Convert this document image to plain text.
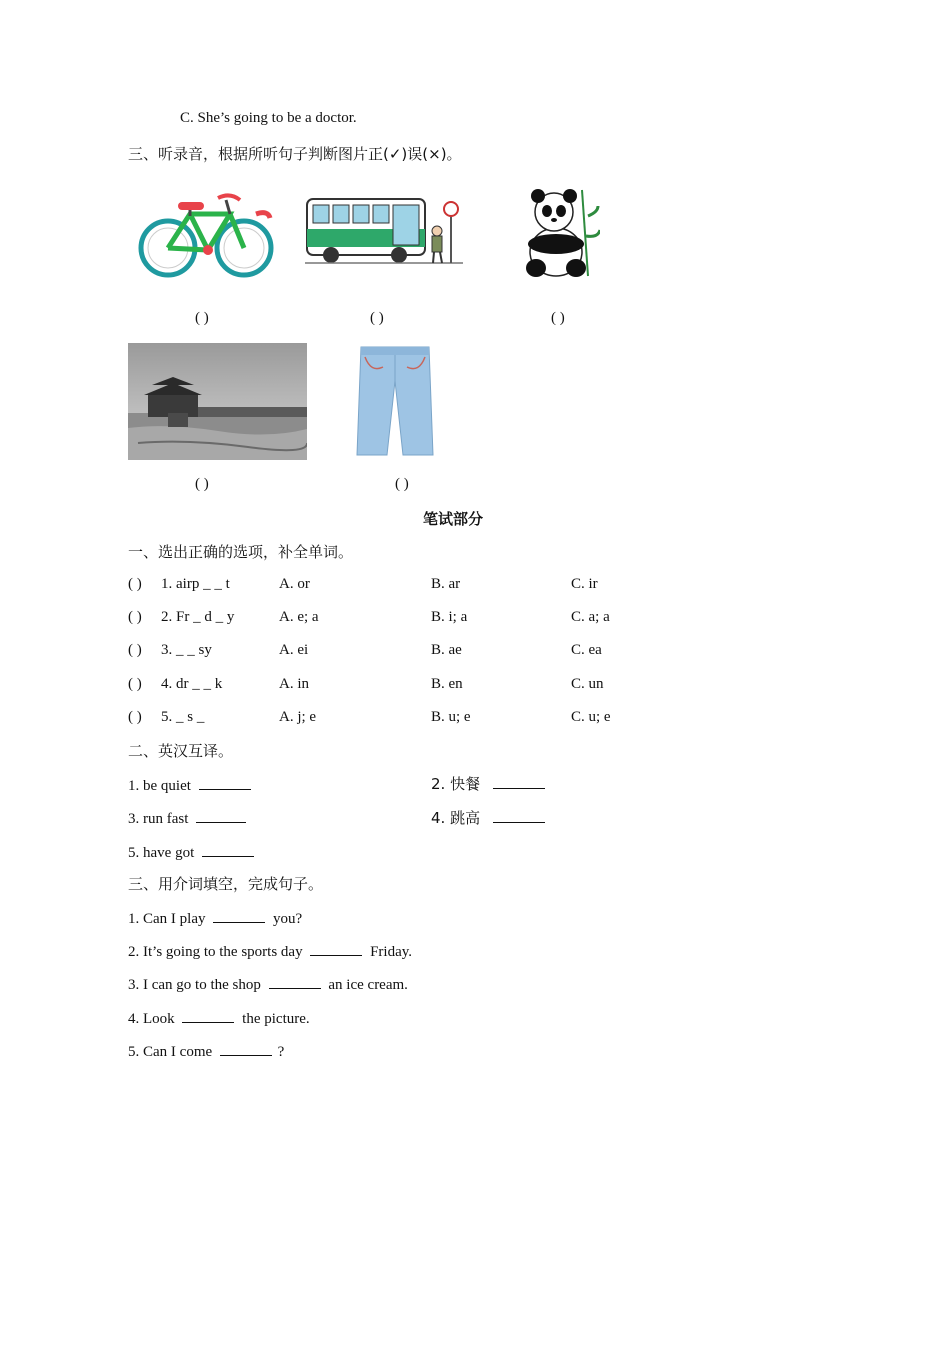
C. She’s going to be a doctor.
三、听录音，根据所听句子判断图片正(✓)误(×)。
( )	( )	( )
( )	( )
笔试部分
一、选出正确的选项，补全单词。
( ) 1. airp _ _ t	A. or	B. ar	C. ir
( ) 2. Fr _ d _ y	A. e; a	B. i; a	C. a; a
( ) 3. _ _ sy	A. ei	B. ae	C. ea
( ) 4. dr _ _ k	A. in	B. en	C. un
( ) 5. _ s _	A. j; e	B. u; e	C. u; e
二、英汉互译。
1. be quiet	2. 快餐
3. run fast	4. 跳高
5. have got
三、用介词填空，完成句子。
1. Can I play	you?
2. It’s going to the sports day	Friday.
3. I can go to the shop	an ice cream.
4. Look	the picture.
5. Can I come	?
